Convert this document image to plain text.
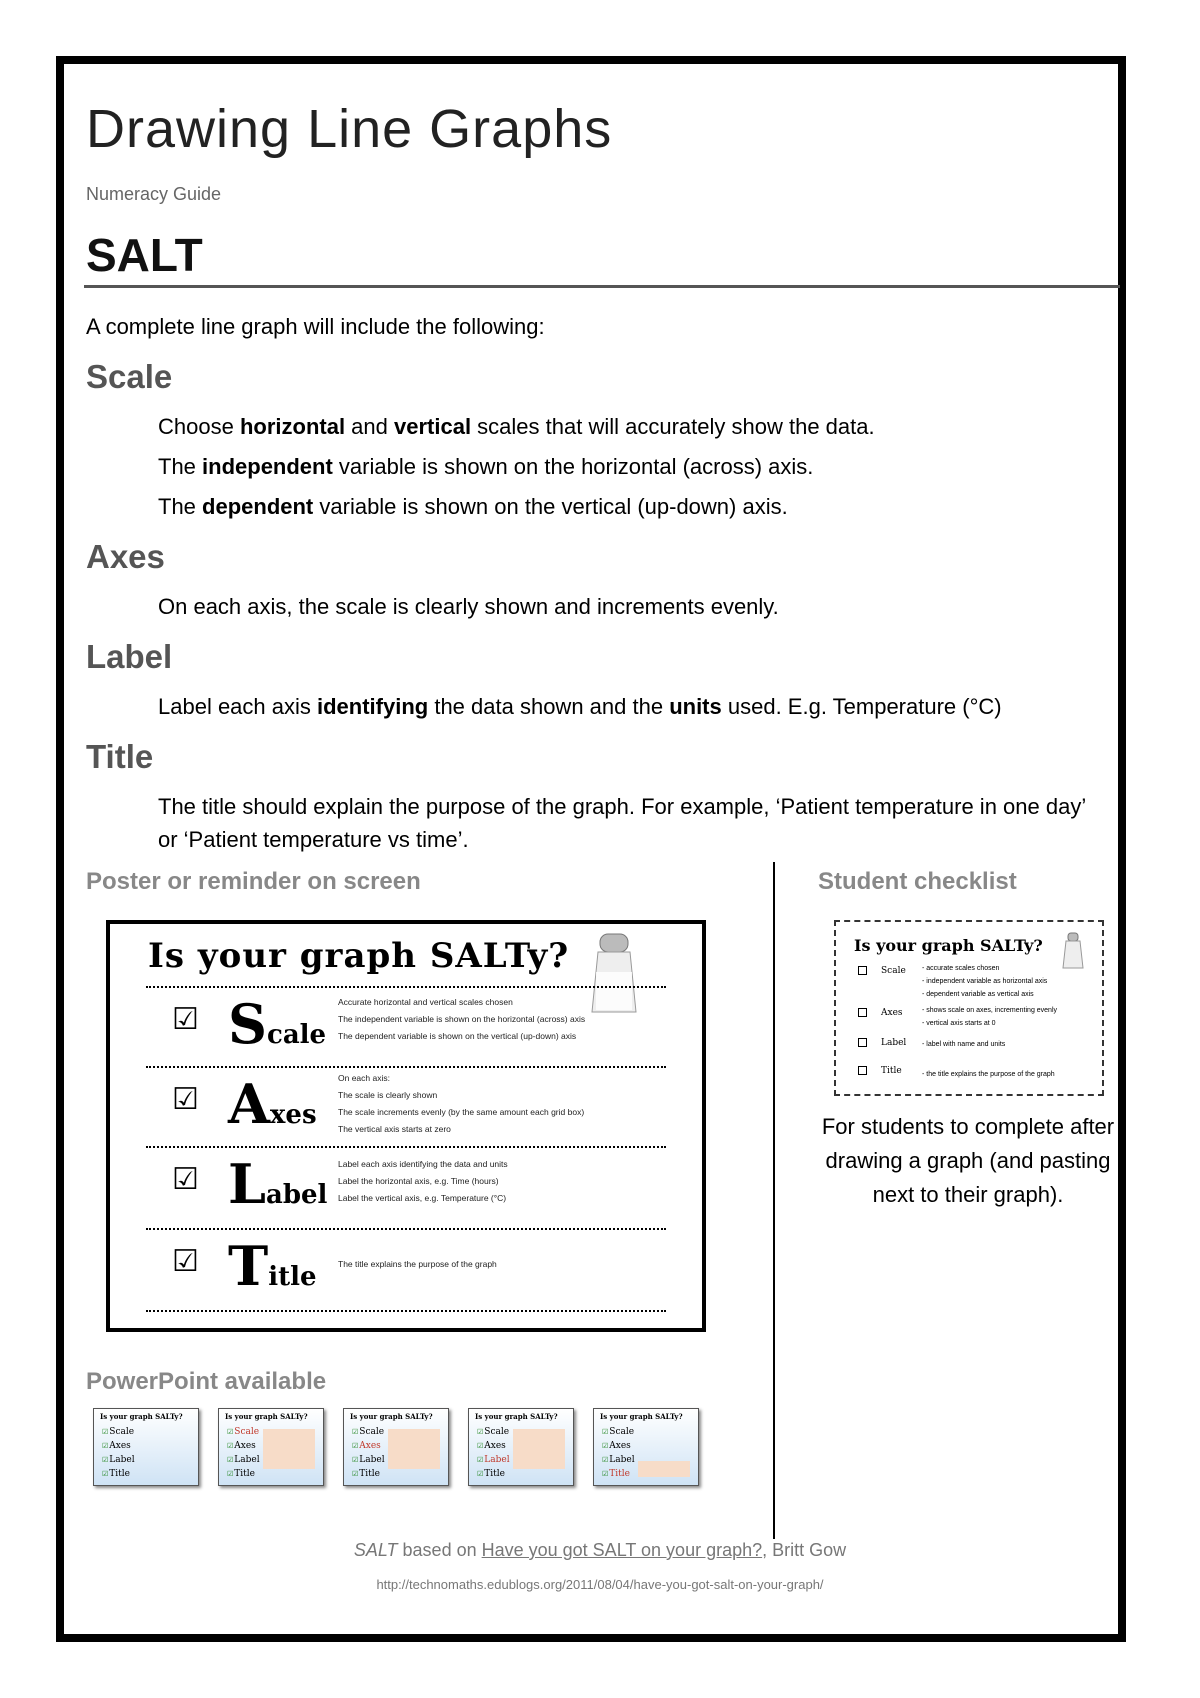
Drawing Line Graphs
Numeracy Guide
SALT
A complete line graph will include the following:
Scale
Choose horizontal and vertical scales that will accurately show the data.
The independent variable is shown on the horizontal (across) axis.
The dependent variable is shown on the vertical (up-down) axis.
Axes
On each axis, the scale is clearly shown and increments evenly.
Label
Label each axis identifying the data shown and the units used. E.g. Temperature (°C)
Title
The title should explain the purpose of the graph. For example, ‘Patient temperature in one day’ or ‘Patient temperature vs time’.
Poster or reminder on screen	Student checklist
Is your graph SALTy?
☑ Scale
Accurate horizontal and vertical scales chosen
The independent variable is shown on the horizontal (across) axis
The dependent variable is shown on the vertical (up-down) axis
☑ Axes
On each axis:
The scale is clearly shown
The scale increments evenly (by the same amount each grid box)
The vertical axis starts at zero
☑ Label
Label each axis identifying the data and units
Label the horizontal axis, e.g. Time (hours)
Label the vertical axis, e.g. Temperature (°C)
☑ Title	The title explains the purpose of the graph
PowerPoint available
Is your graph SALTy?
☑Scale
☑Axes
☑Label
☑Title
Is your graph SALTy?
☑Scale
☑Axes
☑Label
☑Title
Is your graph SALTy?
☑Scale
☑Axes
☑Label
☑Title
Is your graph SALTy?
☑Scale
☑Axes
☑Label
☑Title
Is your graph SALTy?
☑Scale
☑Axes
☑Label
☑Title
Is your graph SALTy?
Scale - accurate scales chosen
- independent variable as horizontal axis
- dependent variable as vertical axis
Axes	- shows scale on axes, incrementing evenly
- vertical axis starts at 0
Label - label with name and units
Title	- the title explains the purpose of the graph
For students to complete after drawing a graph (and pasting next to their graph).
SALT based on Have you got SALT on your graph?, Britt Gow
http://technomaths.edublogs.org/2011/08/04/have-you-got-salt-on-your-graph/
